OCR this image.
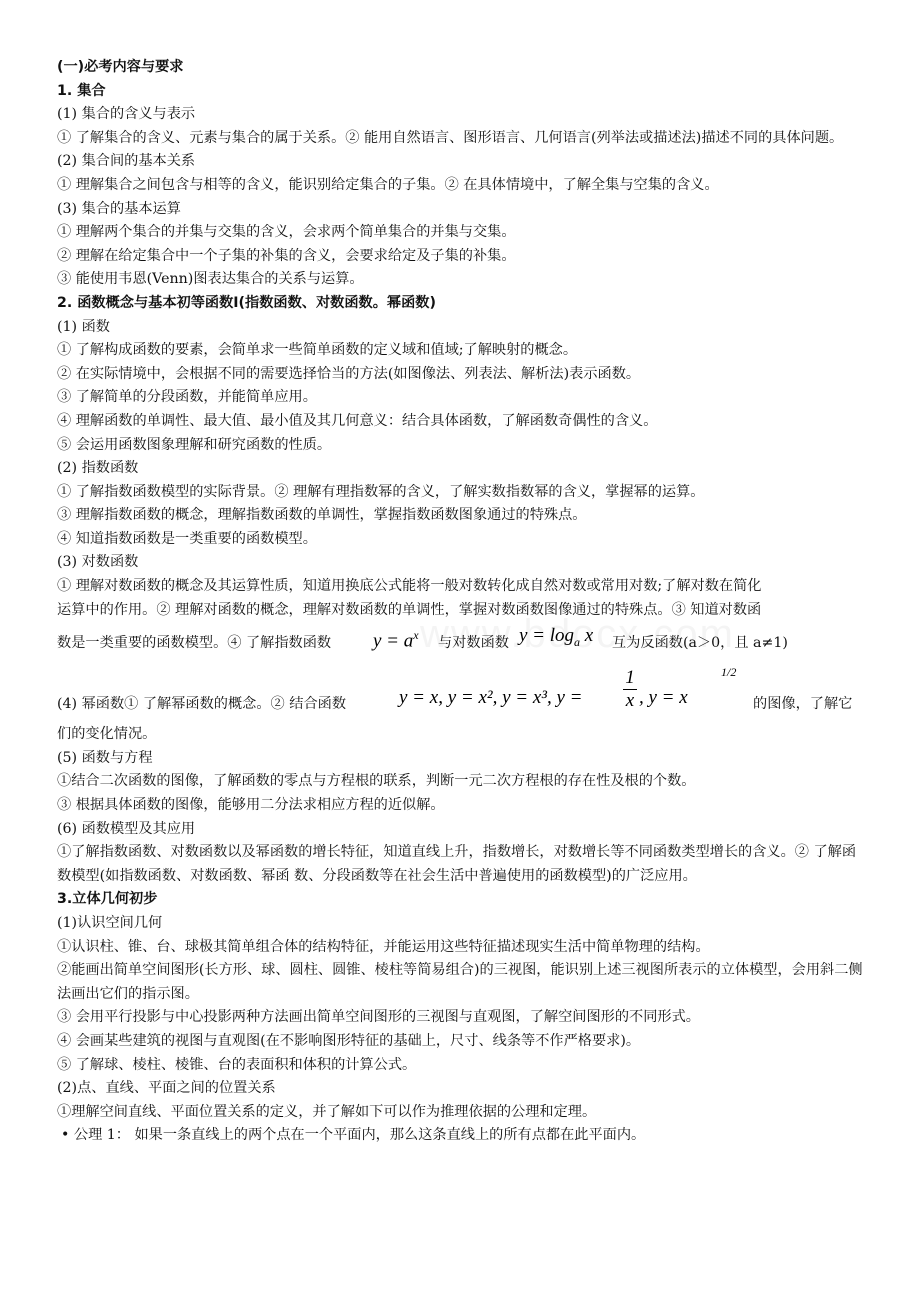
(一)必考内容与要求
1. 集合
(1) 集合的含义与表示
① 了解集合的含义、元素与集合的属于关系。② 能用自然语言、图形语言、几何语言(列举法或描述法)描述不同的具体问题。
(2) 集合间的基本关系
① 理解集合之间包含与相等的含义，能识别给定集合的子集。② 在具体情境中，了解全集与空集的含义。
(3) 集合的基本运算
① 理解两个集合的并集与交集的含义，会求两个简单集合的并集与交集。
② 理解在给定集合中一个子集的补集的含义，会要求给定及子集的补集。
③ 能使用韦恩(Venn)图表达集合的关系与运算。
2. 函数概念与基本初等函数Ⅰ(指数函数、对数函数。幂函数)
(1) 函数
① 了解构成函数的要素，会简单求一些简单函数的定义域和值域;了解映射的概念。
② 在实际情境中，会根据不同的需要选择恰当的方法(如图像法、列表法、解析法)表示函数。
③ 了解简单的分段函数，并能简单应用。
④ 理解函数的单调性、最大值、最小值及其几何意义：结合具体函数，了解函数奇偶性的含义。
⑤ 会运用函数图象理解和研究函数的性质。
(2) 指数函数
① 了解指数函数模型的实际背景。② 理解有理指数幂的含义，了解实数指数幂的含义，掌握幂的运算。
③ 理解指数函数的概念，理解指数函数的单调性，掌握指数函数图象通过的特殊点。
④ 知道指数函数是一类重要的函数模型。
(3) 对数函数
① 理解对数函数的概念及其运算性质，知道用换底公式能将一般对数转化成自然对数或常用对数;了解对数在简化
运算中的作用。② 理解对函数的概念，理解对数函数的单调性，掌握对数函数图像通过的特殊点。③ 知道对数函
数是一类重要的函数模型。④ 了解指数函数 $y = a^x$ 与对数函数 $y = \log_a x$ 互为反函数(a＞0，且 a≠1)
(4) 幂函数① 了解幂函数的概念。② 结合函数	y = x, y = x², y = x³, y =
1
x , y = x
1/2
的图像，了解它
们的变化情况。
(5) 函数与方程
①结合二次函数的图像，了解函数的零点与方程根的联系，判断一元二次方程根的存在性及根的个数。
③ 根据具体函数的图像，能够用二分法求相应方程的近似解。
(6) 函数模型及其应用
①了解指数函数、对数函数以及幂函数的增长特征，知道直线上升，指数增长，对数增长等不同函数类型增长的含义。② 了解函数模型(如指数函数、对数函数、幂函 数、分段函数等在社会生活中普遍使用的函数模型)的广泛应用。
3.立体几何初步
(1)认识空间几何
①认识柱、锥、台、球极其简单组合体的结构特征，并能运用这些特征描述现实生活中简单物理的结构。
②能画出简单空间图形(长方形、球、圆柱、圆锥、棱柱等简易组合)的三视图，能识别上述三视图所表示的立体模型，会用斜二侧法画出它们的指示图。
③ 会用平行投影与中心投影两种方法画出简单空间图形的三视图与直观图，了解空间图形的不同形式。
④ 会画某些建筑的视图与直观图(在不影响图形特征的基础上，尺寸、线条等不作严格要求)。
⑤ 了解球、棱柱、棱锥、台的表面积和体积的计算公式。
(2)点、直线、平面之间的位置关系
①理解空间直线、平面位置关系的定义，并了解如下可以作为推理依据的公理和定理。
• 公理 1： 如果一条直线上的两个点在一个平面内，那么这条直线上的所有点都在此平面内。
